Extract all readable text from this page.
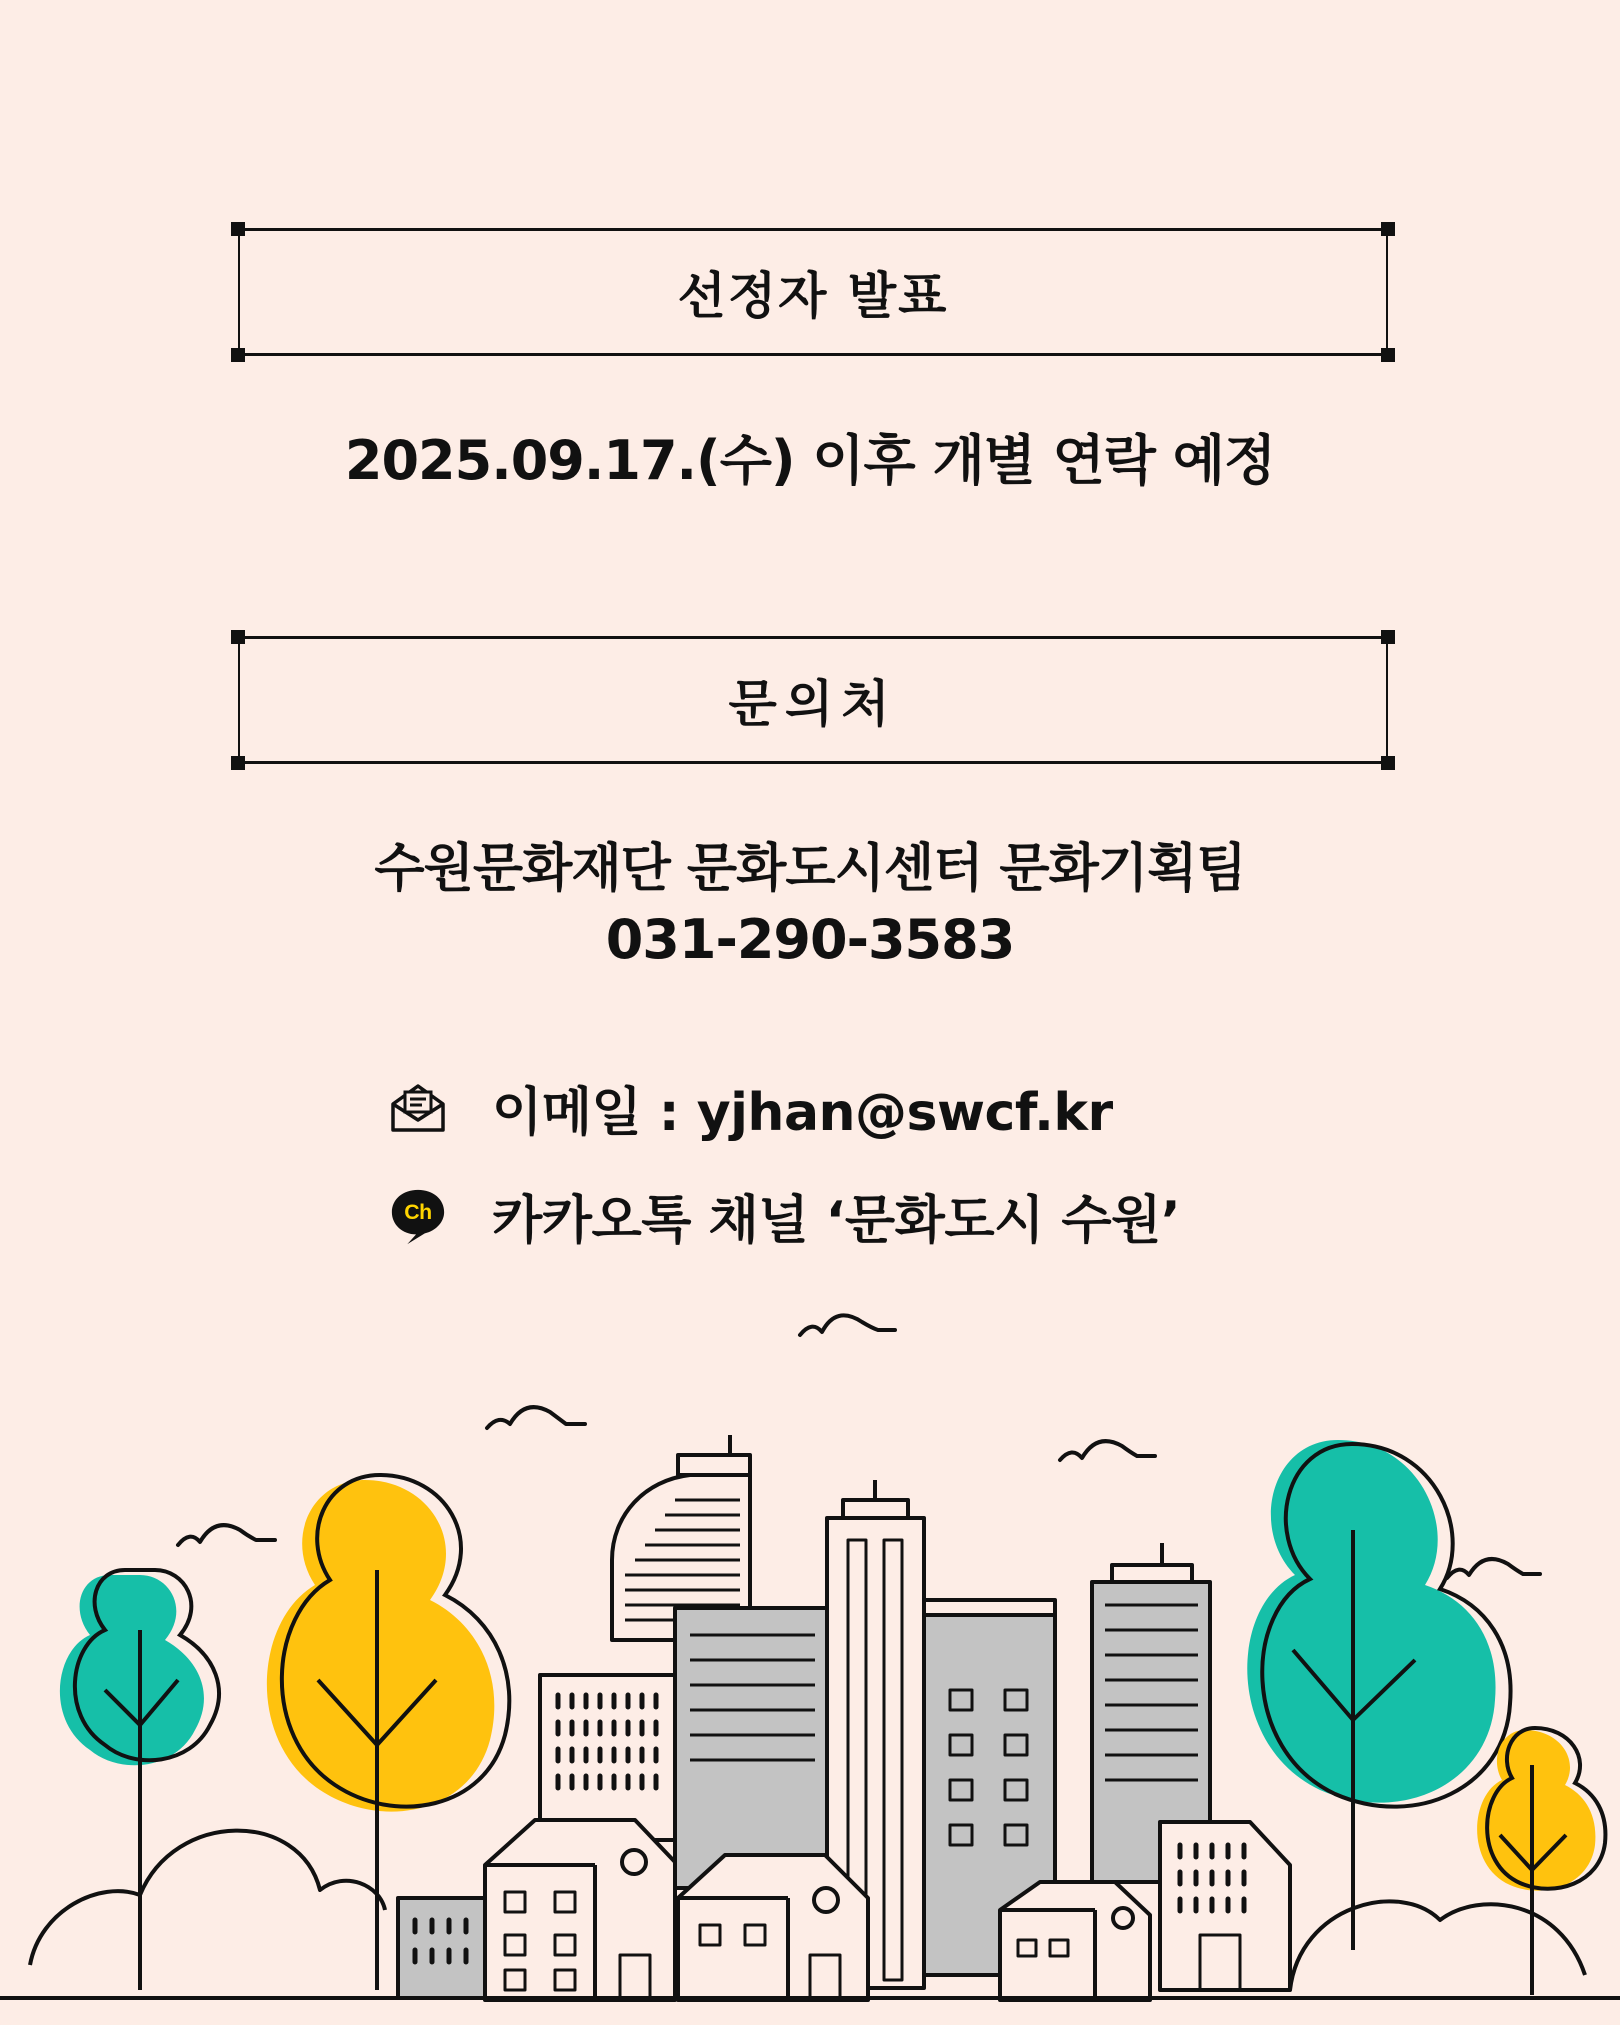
선정자 발표
2025.09.17.(수) 이후 개별 연락 예정
문의처
수원문화재단 문화도시센터 문화기획팀
031-290-3583
이메일 : yjhan@swcf.kr
Ch 카카오톡 채널 ‘문화도시 수원’
